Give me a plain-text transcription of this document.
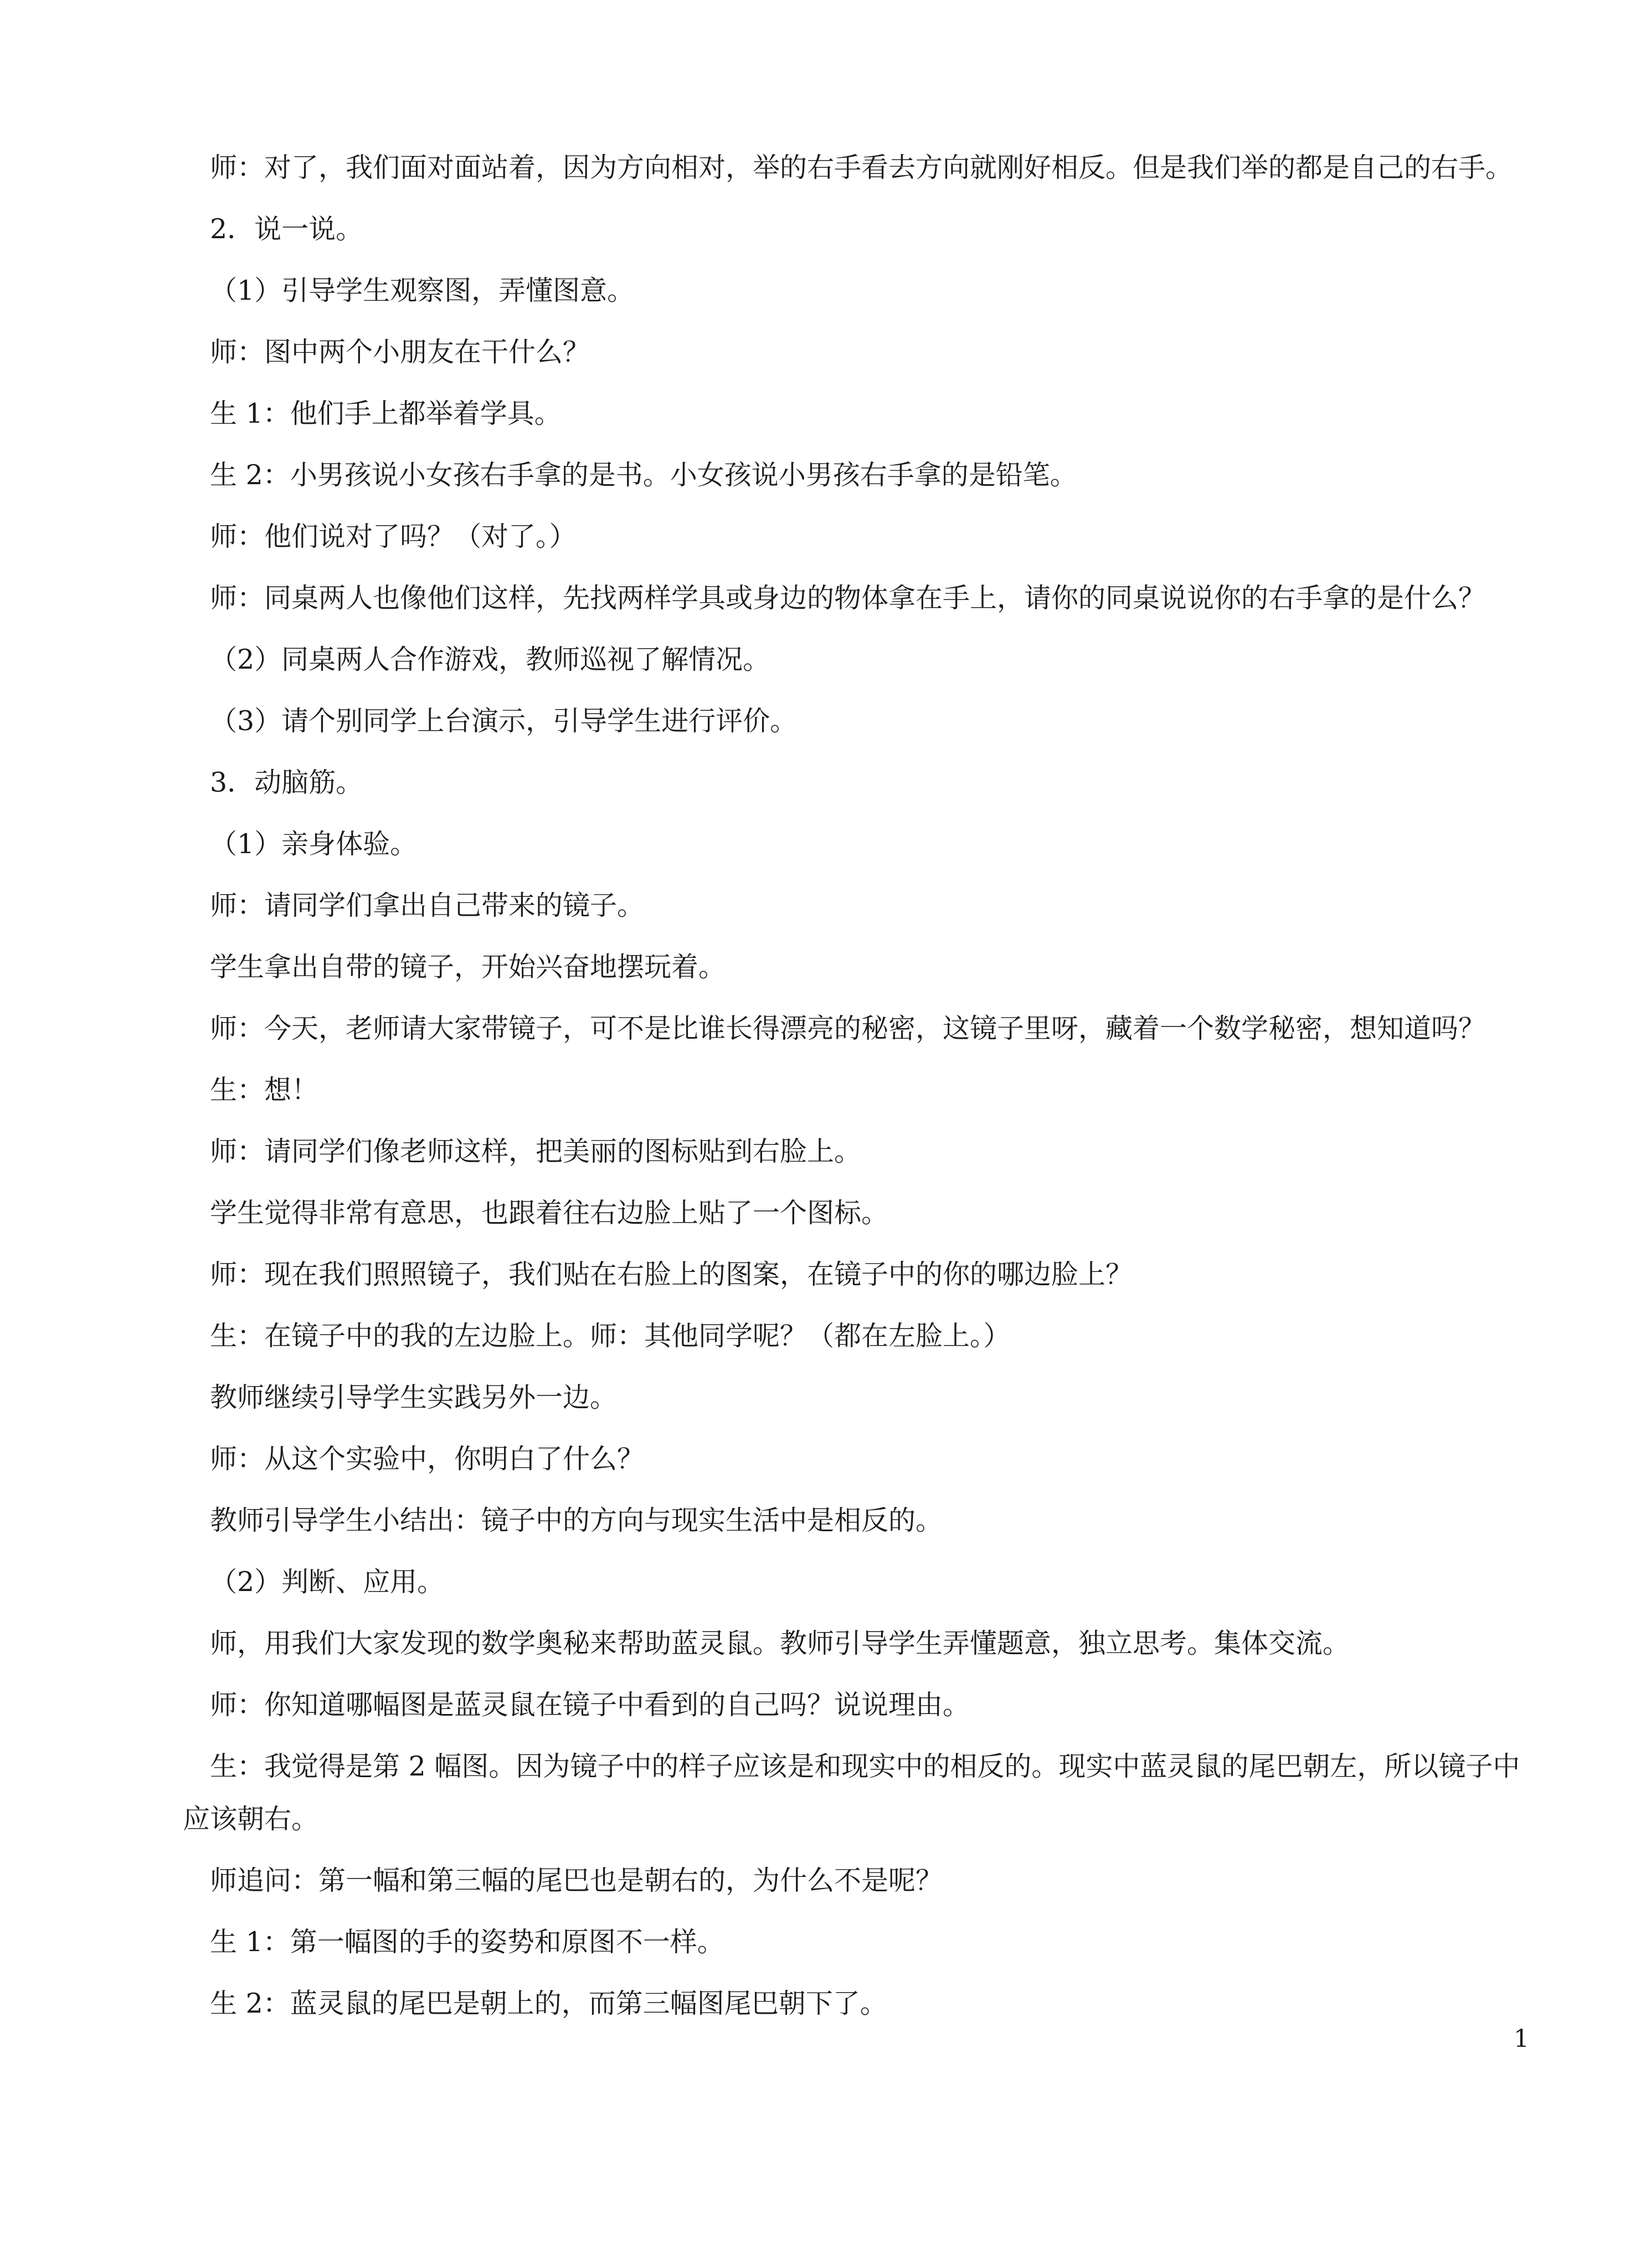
师：对了，我们面对面站着，因为方向相对，举的右手看去方向就刚好相反。但是我们举的都是自己的右手。

2．说一说。

（1）引导学生观察图，弄懂图意。

师：图中两个小朋友在干什么？

生 1：他们手上都举着学具。

生 2：小男孩说小女孩右手拿的是书。小女孩说小男孩右手拿的是铅笔。

师：他们说对了吗？（对了。）

师：同桌两人也像他们这样，先找两样学具或身边的物体拿在手上，请你的同桌说说你的右手拿的是什么？

（2）同桌两人合作游戏，教师巡视了解情况。

（3）请个别同学上台演示，引导学生进行评价。

3．动脑筋。

（1）亲身体验。

师：请同学们拿出自己带来的镜子。

学生拿出自带的镜子，开始兴奋地摆玩着。

师：今天，老师请大家带镜子，可不是比谁长得漂亮的秘密，这镜子里呀，藏着一个数学秘密，想知道吗？

生：想！

师：请同学们像老师这样，把美丽的图标贴到右脸上。

学生觉得非常有意思，也跟着往右边脸上贴了一个图标。

师：现在我们照照镜子，我们贴在右脸上的图案，在镜子中的你的哪边脸上？

生：在镜子中的我的左边脸上。师：其他同学呢？（都在左脸上。）

教师继续引导学生实践另外一边。

师：从这个实验中，你明白了什么？

教师引导学生小结出：镜子中的方向与现实生活中是相反的。

（2）判断、应用。

师，用我们大家发现的数学奥秘来帮助蓝灵鼠。教师引导学生弄懂题意，独立思考。集体交流。

师：你知道哪幅图是蓝灵鼠在镜子中看到的自己吗？说说理由。

生：我觉得是第 2 幅图。因为镜子中的样子应该是和现实中的相反的。现实中蓝灵鼠的尾巴朝左，所以镜子中应该朝右。

师追问：第一幅和第三幅的尾巴也是朝右的，为什么不是呢？

生 1：第一幅图的手的姿势和原图不一样。

生 2：蓝灵鼠的尾巴是朝上的，而第三幅图尾巴朝下了。

1
